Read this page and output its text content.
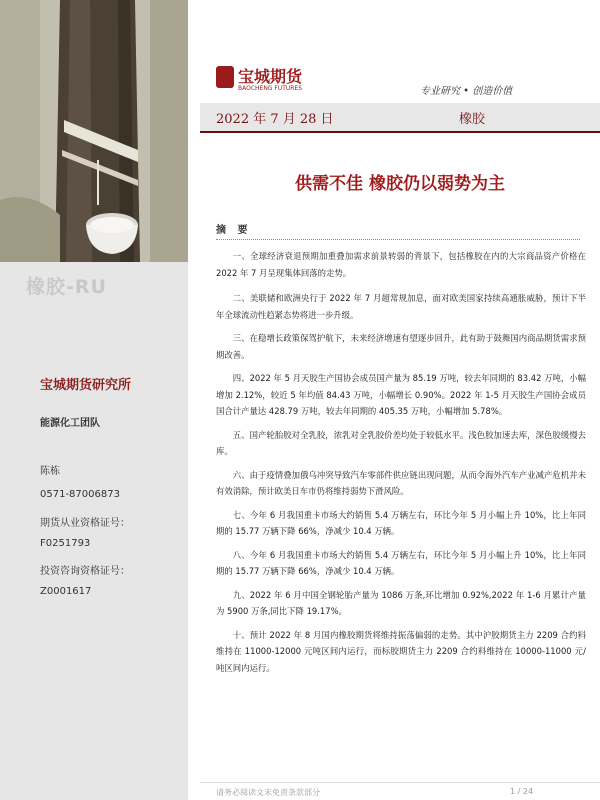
橡胶-RU
宝城期货研究所
能源化工团队
陈栋
0571-87006873
期货从业资格证号：
F0251793
投资咨询资格证号：
Z0001617
宝城期货
BAOCHENG FUTURES	专业研究 • 创造价值
2022 年 7 月 28 日	橡胶
供需不佳 橡胶仍以弱势为主
摘 要

一、全球经济衰退预期加重叠加需求前景转弱的背景下，包括橡胶在内的大宗商品资产价格在 2022 年 7 月呈现集体回落的走势。

二、美联储和欧洲央行于 2022 年 7 月超常规加息，面对欧美国家持续高通胀威胁，预计下半年全球流动性趋紧态势将进一步升级。

三、在稳增长政策保驾护航下，未来经济增速有望逐步回升，此有助于鼓舞国内商品期货需求预期改善。

四、2022 年 5 月天胶生产国协会成员国产量为 85.19 万吨，较去年同期的 83.42 万吨，小幅增加 2.12%，较近 5 年均值 84.43 万吨，小幅增长 0.90%。2022 年 1-5 月天胶生产国协会成员国合计产量达 428.79 万吨，较去年同期的 405.35 万吨，小幅增加 5.78%。

五、国产轮胎胶对全乳胶，浓乳对全乳胶价差均处于较低水平。浅色胶加速去库，深色胶缓慢去库。

六、由于疫情叠加俄乌冲突导致汽车零部件供应链出现问题，从而令海外汽车产业减产危机并未有效消除，预计欧美日车市仍将维持弱势下滑风险。

七、今年 6 月我国重卡市场大约销售 5.4 万辆左右，环比今年 5 月小幅上升 10%，比上年同期的 15.77 万辆下降 66%，净减少 10.4 万辆。

八、今年 6 月我国重卡市场大约销售 5.4 万辆左右，环比今年 5 月小幅上升 10%，比上年同期的 15.77 万辆下降 66%，净减少 10.4 万辆。

九、2022 年 6 月中国全钢轮胎产量为 1086 万条,环比增加 0.92%,2022 年 1-6 月累计产量为 5900 万条,同比下降 19.17%。

十、预计 2022 年 8 月国内橡胶期货将维持振荡偏弱的走势。其中沪胶期货主力 2209 合约料维持在 11000-12000 元吨区间内运行，而标胶期货主力 2209 合约料维持在 10000-11000 元/吨区间内运行。

请务必阅读文末免责条款部分	1 / 24
